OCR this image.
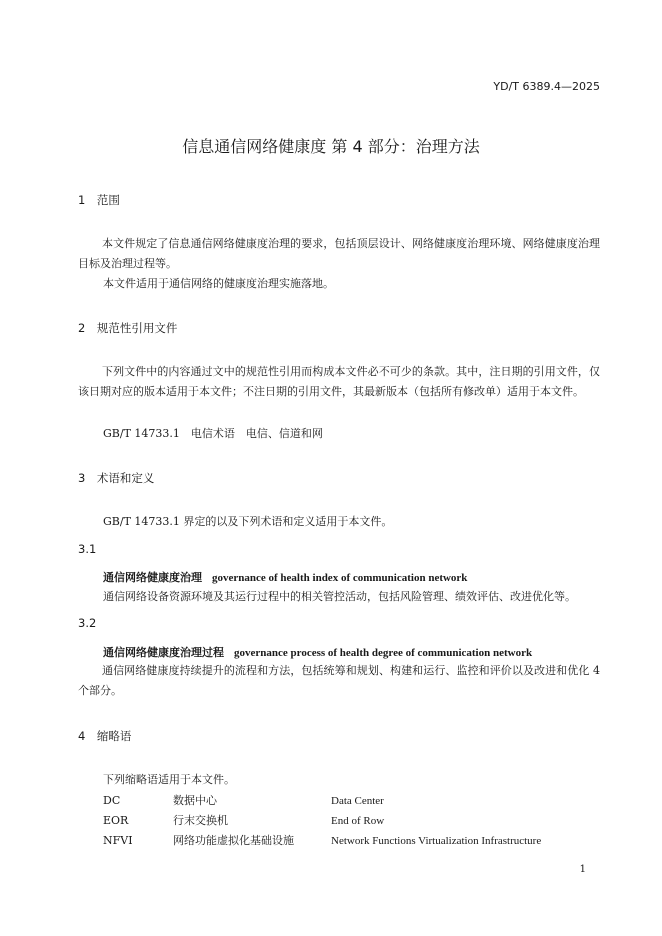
YD/T 6389.4—2025
信息通信网络健康度 第 4 部分：治理方法
1　范围
本文件规定了信息通信网络健康度治理的要求，包括顶层设计、网络健康度治理环境、网络健康度治理目标及治理过程等。
本文件适用于通信网络的健康度治理实施落地。
2　规范性引用文件
下列文件中的内容通过文中的规范性引用而构成本文件必不可少的条款。其中，注日期的引用文件，仅该日期对应的版本适用于本文件；不注日期的引用文件，其最新版本（包括所有修改单）适用于本文件。
GB/T 14733.1　电信术语　电信、信道和网
3　术语和定义
GB/T 14733.1 界定的以及下列术语和定义适用于本文件。
3.1
通信网络健康度治理 governance of health index of communication network
通信网络设备资源环境及其运行过程中的相关管控活动，包括风险管理、绩效评估、改进优化等。
3.2
通信网络健康度治理过程 governance process of health degree of communication network
通信网络健康度持续提升的流程和方法，包括统筹和规划、构建和运行、监控和评价以及改进和优化 4 个部分。
4　缩略语
下列缩略语适用于本文件。
DC	数据中心	Data Center
EOR	行末交换机	End of Row
NFVI	网络功能虚拟化基础设施	Network Functions Virtualization Infrastructure
1
